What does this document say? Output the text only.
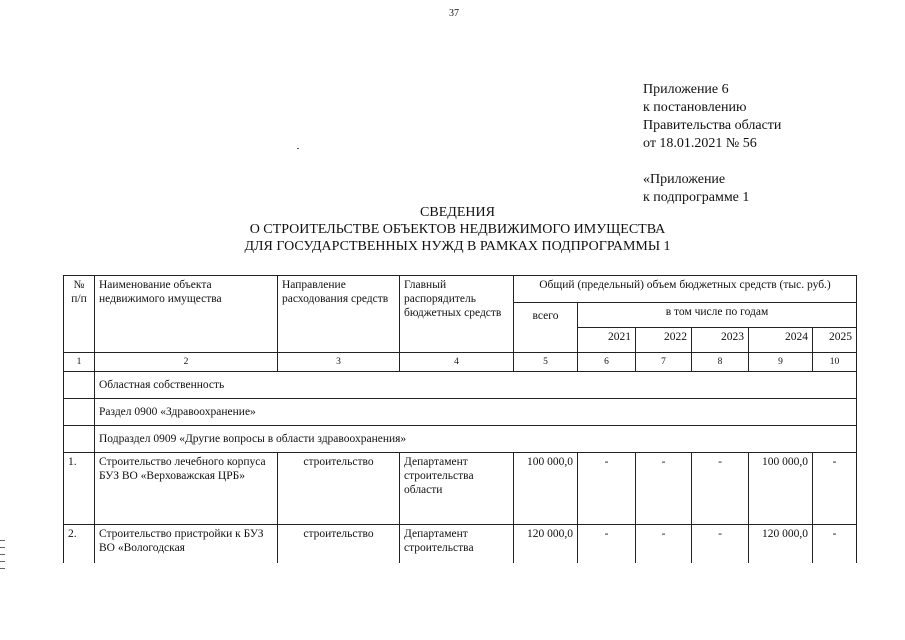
37
Приложение 6
к постановлению
Правительства области
от 18.01.2021 № 56
«Приложение
к подпрограмме 1
СВЕДЕНИЯ
О СТРОИТЕЛЬСТВЕ ОБЪЕКТОВ НЕДВИЖИМОГО ИМУЩЕСТВА
ДЛЯ ГОСУДАРСТВЕННЫХ НУЖД В РАМКАХ ПОДПРОГРАММЫ 1
№ п/п	Наименование объекта недвижимого имущества	Направление расходования средств	Главный распорядитель бюджетных средств	Общий (предельный) объем бюджетных средств (тыс. руб.)					
				всего	в том числе по годам				
					2021	2022	2023	2024	2025
1	2	3	4	5	6	7	8	9	10
	Областная собственность								
	Раздел 0900 «Здравоохранение»								
	Подраздел 0909 «Другие вопросы в области здравоохранения»								
1.	Строительство лечебного корпуса БУЗ ВО «Верховажская ЦРБ»	строительство	Департамент строительства области	100 000,0	-	-	-	100 000,0	-
2.	Строительство пристройки к БУЗ ВО «Вологодская	строительство	Департамент строительства	120 000,0	-	-	-	120 000,0	-
